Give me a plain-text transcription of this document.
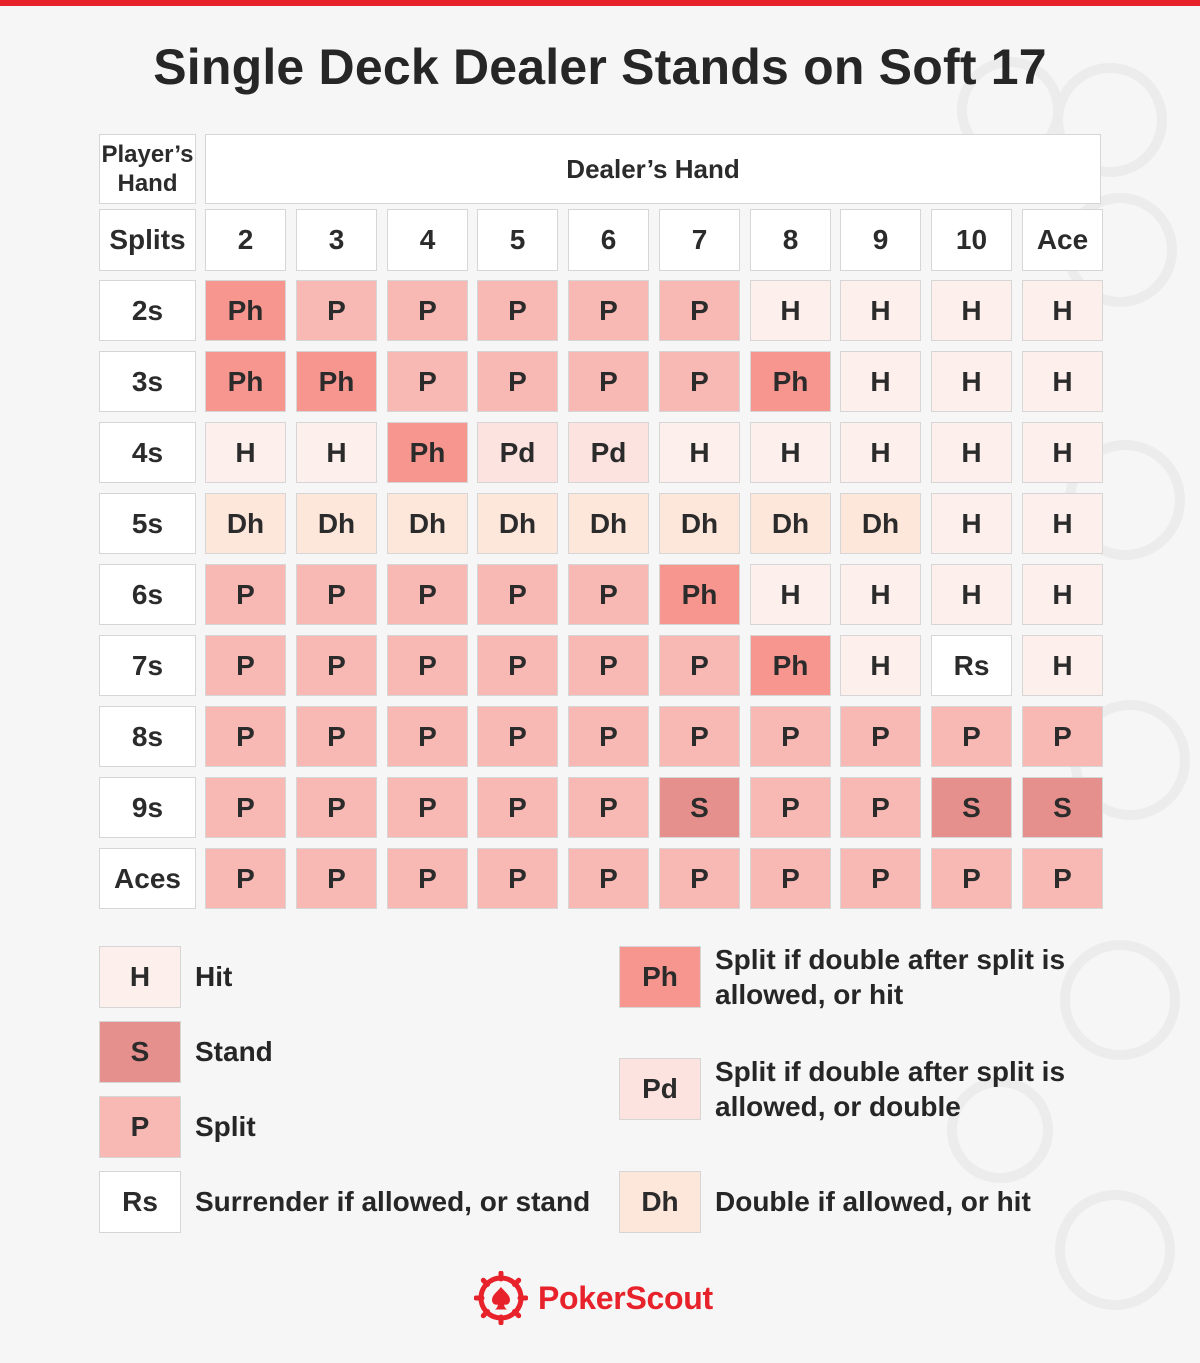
Single Deck Dealer Stands on Soft 17
Player’s Hand	Dealer’s Hand
Splits	2	3	4	5	6	7	8	9	10	Ace
2s	Ph	P	P	P	P	P	H	H	H	H
3s	Ph	Ph	P	P	P	P	Ph	H	H	H
4s	H	H	Ph	Pd	Pd	H	H	H	H	H
5s	Dh	Dh	Dh	Dh	Dh	Dh	Dh	Dh	H	H
6s	P	P	P	P	P	Ph	H	H	H	H
7s	P	P	P	P	P	P	Ph	H	Rs	H
8s	P	P	P	P	P	P	P	P	P	P
9s	P	P	P	P	P	S	P	P	S	S
Aces	P	P	P	P	P	P	P	P	P	P
H	Hit
S	Stand
P	Split
Rs	Surrender if allowed, or stand
Ph
Split if double after split is allowed, or hit
Pd
Split if double after split is allowed, or double
Dh	Double if allowed, or hit
PokerScout
